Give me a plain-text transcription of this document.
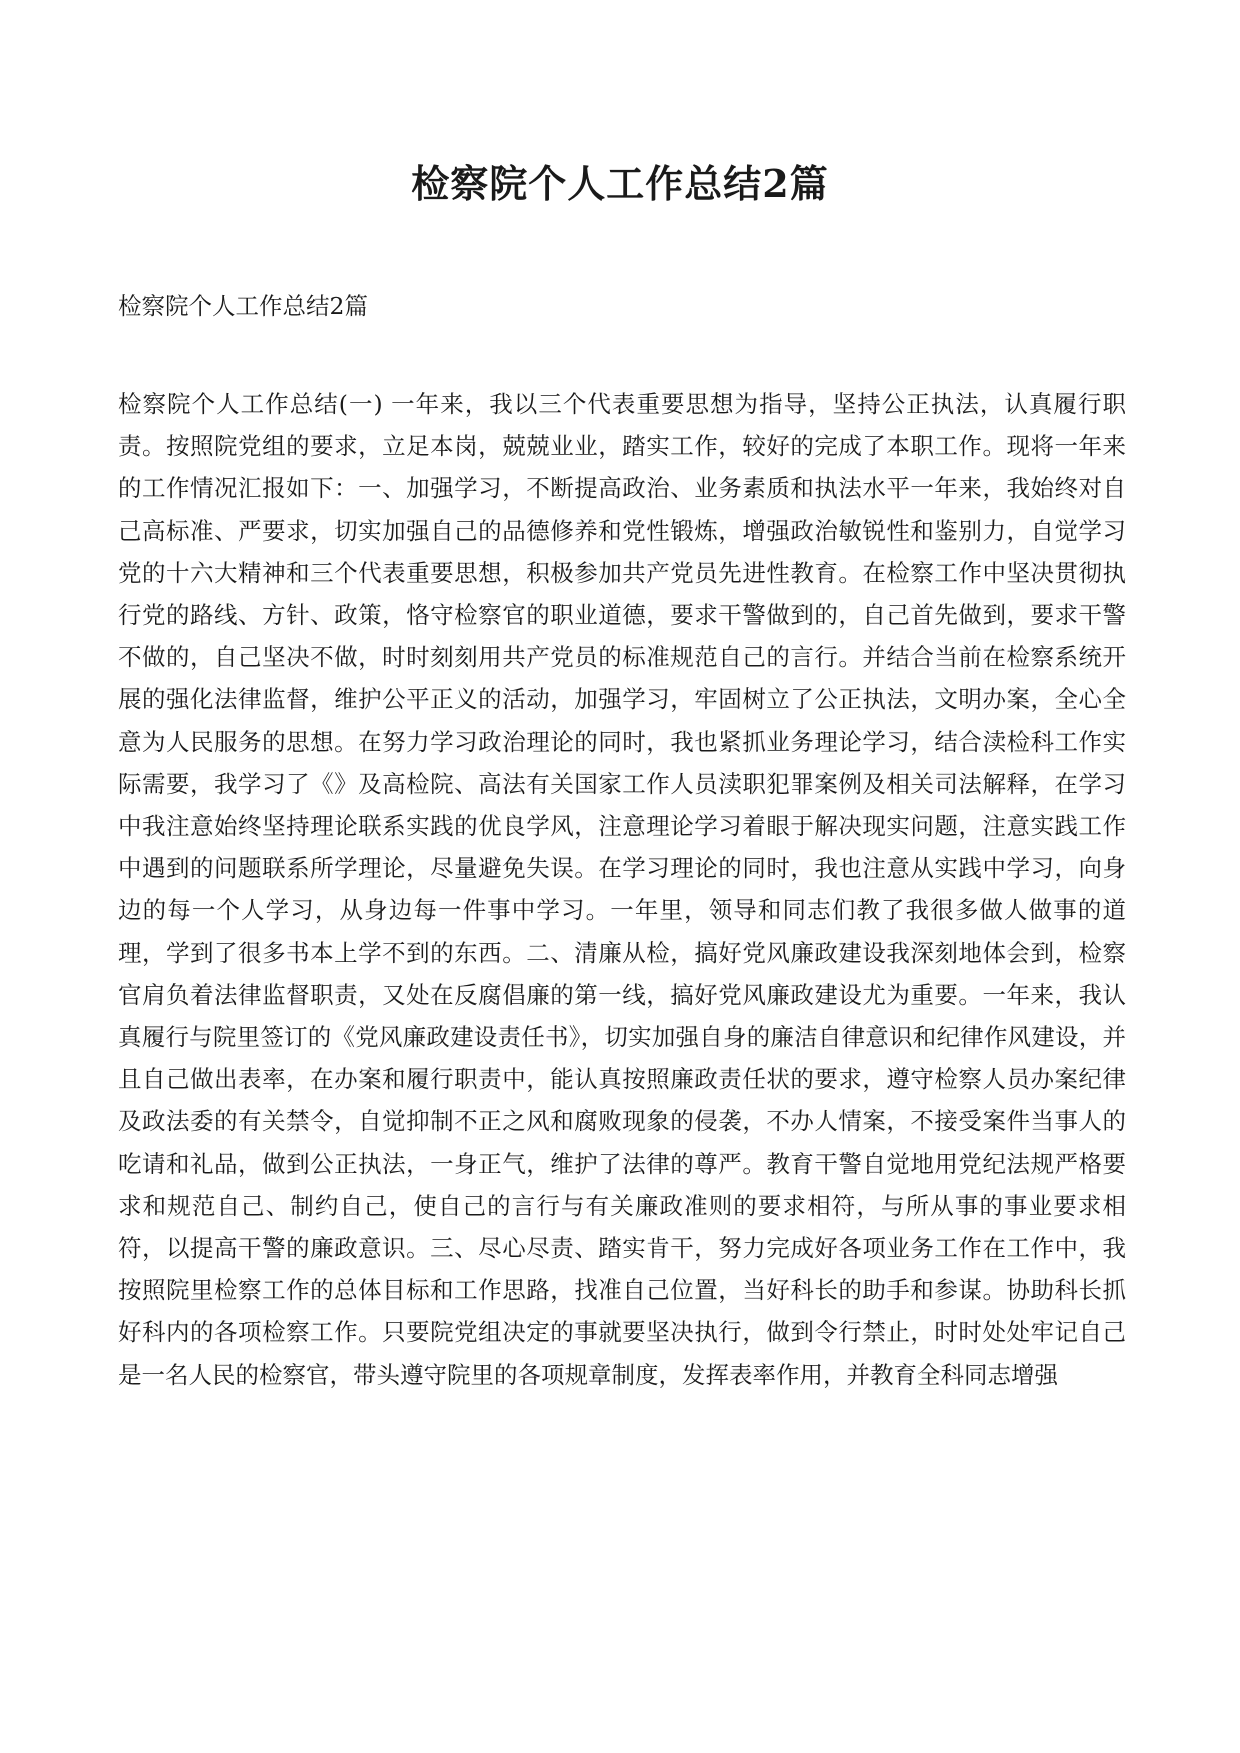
检察院个人工作总结2篇

检察院个人工作总结2篇

检察院个人工作总结(一) 一年来，我以三个代表重要思想为指导，坚持公正执法，认真履行职责。按照院党组的要求，立足本岗，兢兢业业，踏实工作，较好的完成了本职工作。现将一年来的工作情况汇报如下：一、加强学习，不断提高政治、业务素质和执法水平一年来，我始终对自己高标准、严要求，切实加强自己的品德修养和党性锻炼，增强政治敏锐性和鉴别力，自觉学习党的十六大精神和三个代表重要思想，积极参加共产党员先进性教育。在检察工作中坚决贯彻执行党的路线、方针、政策，恪守检察官的职业道德，要求干警做到的，自己首先做到，要求干警不做的，自己坚决不做，时时刻刻用共产党员的标准规范自己的言行。并结合当前在检察系统开展的强化法律监督，维护公平正义的活动，加强学习，牢固树立了公正执法，文明办案，全心全意为人民服务的思想。在努力学习政治理论的同时，我也紧抓业务理论学习，结合渎检科工作实际需要，我学习了《》及高检院、高法有关国家工作人员渎职犯罪案例及相关司法解释，在学习中我注意始终坚持理论联系实践的优良学风，注意理论学习着眼于解决现实问题，注意实践工作中遇到的问题联系所学理论，尽量避免失误。在学习理论的同时，我也注意从实践中学习，向身边的每一个人学习，从身边每一件事中学习。一年里，领导和同志们教了我很多做人做事的道理，学到了很多书本上学不到的东西。二、清廉从检，搞好党风廉政建设我深刻地体会到，检察官肩负着法律监督职责，又处在反腐倡廉的第一线，搞好党风廉政建设尤为重要。一年来，我认真履行与院里签订的《党风廉政建设责任书》，切实加强自身的廉洁自律意识和纪律作风建设，并且自己做出表率，在办案和履行职责中，能认真按照廉政责任状的要求，遵守检察人员办案纪律及政法委的有关禁令，自觉抑制不正之风和腐败现象的侵袭，不办人情案，不接受案件当事人的吃请和礼品，做到公正执法，一身正气，维护了法律的尊严。教育干警自觉地用党纪法规严格要求和规范自己、制约自己，使自己的言行与有关廉政准则的要求相符，与所从事的事业要求相符，以提高干警的廉政意识。三、尽心尽责、踏实肯干，努力完成好各项业务工作在工作中，我按照院里检察工作的总体目标和工作思路，找准自己位置，当好科长的助手和参谋。协助科长抓好科内的各项检察工作。只要院党组决定的事就要坚决执行，做到令行禁止，时时处处牢记自己是一名人民的检察官，带头遵守院里的各项规章制度，发挥表率作用，并教育全科同志增强
